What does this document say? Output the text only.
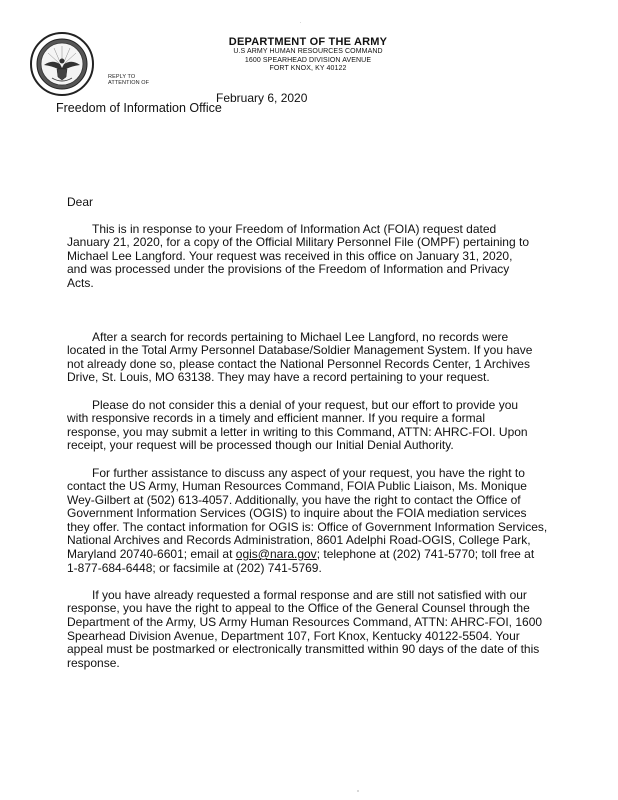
REPLY TO
ATTENTION OF
DEPARTMENT OF THE ARMY
U.S ARMY HUMAN RESOURCES COMMAND
1600 SPEARHEAD DIVISION AVENUE
FORT KNOX, KY 40122
February 6, 2020
Freedom of Information Office
Dear
This is in response to your Freedom of Information Act (FOIA) request dated
January 21, 2020, for a copy of the Official Military Personnel File (OMPF) pertaining to
Michael Lee Langford. Your request was received in this office on January 31, 2020,
and was processed under the provisions of the Freedom of Information and Privacy
Acts.
After a search for records pertaining to Michael Lee Langford, no records were
located in the Total Army Personnel Database/Soldier Management System. If you have
not already done so, please contact the National Personnel Records Center, 1 Archives
Drive, St. Louis, MO 63138. They may have a record pertaining to your request.
Please do not consider this a denial of your request, but our effort to provide you
with responsive records in a timely and efficient manner. If you require a formal
response, you may submit a letter in writing to this Command, ATTN: AHRC-FOI. Upon
receipt, your request will be processed though our Initial Denial Authority.
For further assistance to discuss any aspect of your request, you have the right to
contact the US Army, Human Resources Command, FOIA Public Liaison, Ms. Monique
Wey-Gilbert at (502) 613-4057. Additionally, you have the right to contact the Office of
Government Information Services (OGIS) to inquire about the FOIA mediation services
they offer. The contact information for OGIS is: Office of Government Information Services,
National Archives and Records Administration, 8601 Adelphi Road-OGIS, College Park,
Maryland 20740-6601; email at ogis@nara.gov; telephone at (202) 741-5770; toll free at
1-877-684-6448; or facsimile at (202) 741-5769.
If you have already requested a formal response and are still not satisfied with our
response, you have the right to appeal to the Office of the General Counsel through the
Department of the Army, US Army Human Resources Command, ATTN: AHRC-FOI, 1600
Spearhead Division Avenue, Department 107, Fort Knox, Kentucky 40122-5504. Your
appeal must be postmarked or electronically transmitted within 90 days of the date of this
response.
